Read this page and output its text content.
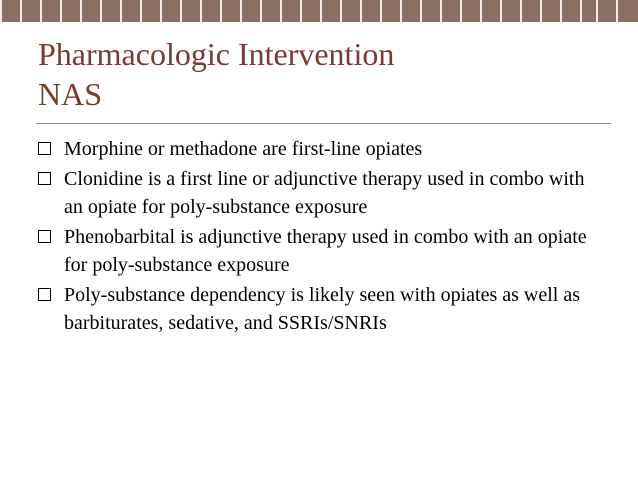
Pharmacologic Intervention
NAS
Morphine or methadone are first-line opiates
Clonidine is a first line or adjunctive therapy used in combo with an opiate for poly-substance exposure
Phenobarbital is adjunctive therapy used in combo with an opiate for poly-substance exposure
Poly-substance dependency is likely seen with opiates as well as barbiturates, sedative, and SSRIs/SNRIs
